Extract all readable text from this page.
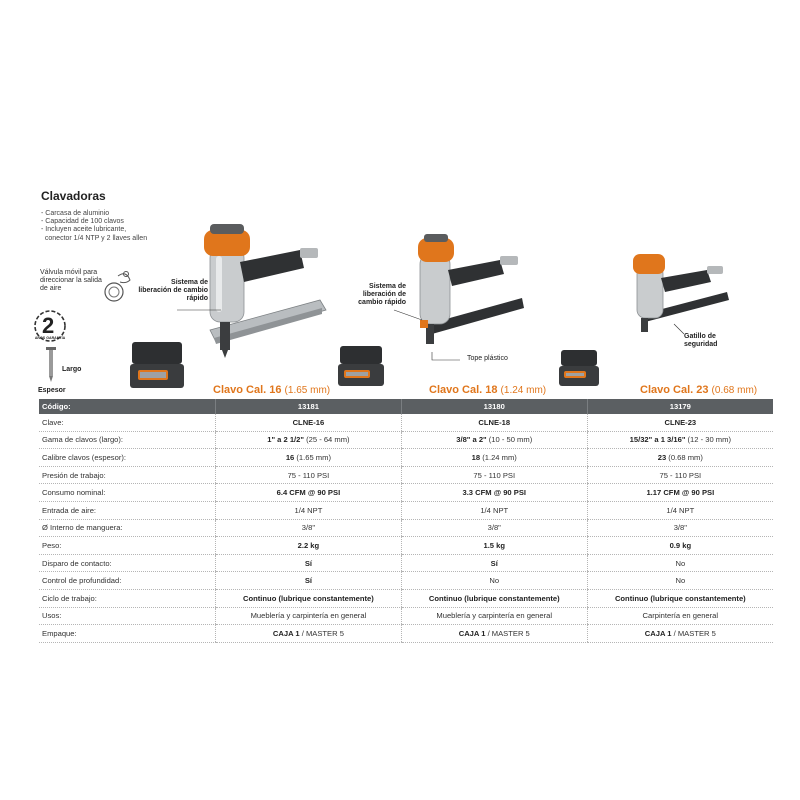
Clavadoras
- Carcasa de aluminio
- Capacidad de 100 clavos
- Incluyen aceite lubricante,
conector 1/4 NTP y 2 llaves allen
Válvula móvil para direccionar la salida de aire
2
AÑOS GARANTÍA
Largo
Espesor
Sistema de liberación de cambio rápido
Clavo Cal. 16 (1.65 mm)
Sistema de liberación de cambio rápido
Tope plástico
Clavo Cal. 18 (1.24 mm)
Gatillo de seguridad
Clavo Cal. 23 (0.68 mm)
Código:	13181	13180	13179
Clave:	CLNE-16	CLNE-18	CLNE-23
Gama de clavos (largo):	1" a 2 1/2" (25 - 64 mm)	3/8" a 2" (10 - 50 mm)	15/32" a 1 3/16" (12 - 30 mm)
Calibre clavos (espesor):	16 (1.65 mm)	18 (1.24 mm)	23 (0.68 mm)
Presión de trabajo:	75 - 110 PSI	75 - 110 PSI	75 - 110 PSI
Consumo nominal:	6.4 CFM @ 90 PSI	3.3 CFM @ 90 PSI	1.17 CFM @ 90 PSI
Entrada de aire:	1/4 NPT	1/4 NPT	1/4 NPT
Ø Interno de manguera:	3/8"	3/8"	3/8"
Peso:	2.2 kg	1.5 kg	0.9 kg
Disparo de contacto:	Sí	Sí	No
Control de profundidad:	Sí	No	No
Ciclo de trabajo:	Continuo (lubrique constantemente)	Continuo (lubrique constantemente)	Continuo (lubrique constantemente)
Usos:	Mueblería y carpintería en general	Mueblería y carpintería en general	Carpintería en general
Empaque:	CAJA 1 / MASTER 5	CAJA 1 / MASTER 5	CAJA 1 / MASTER 5
